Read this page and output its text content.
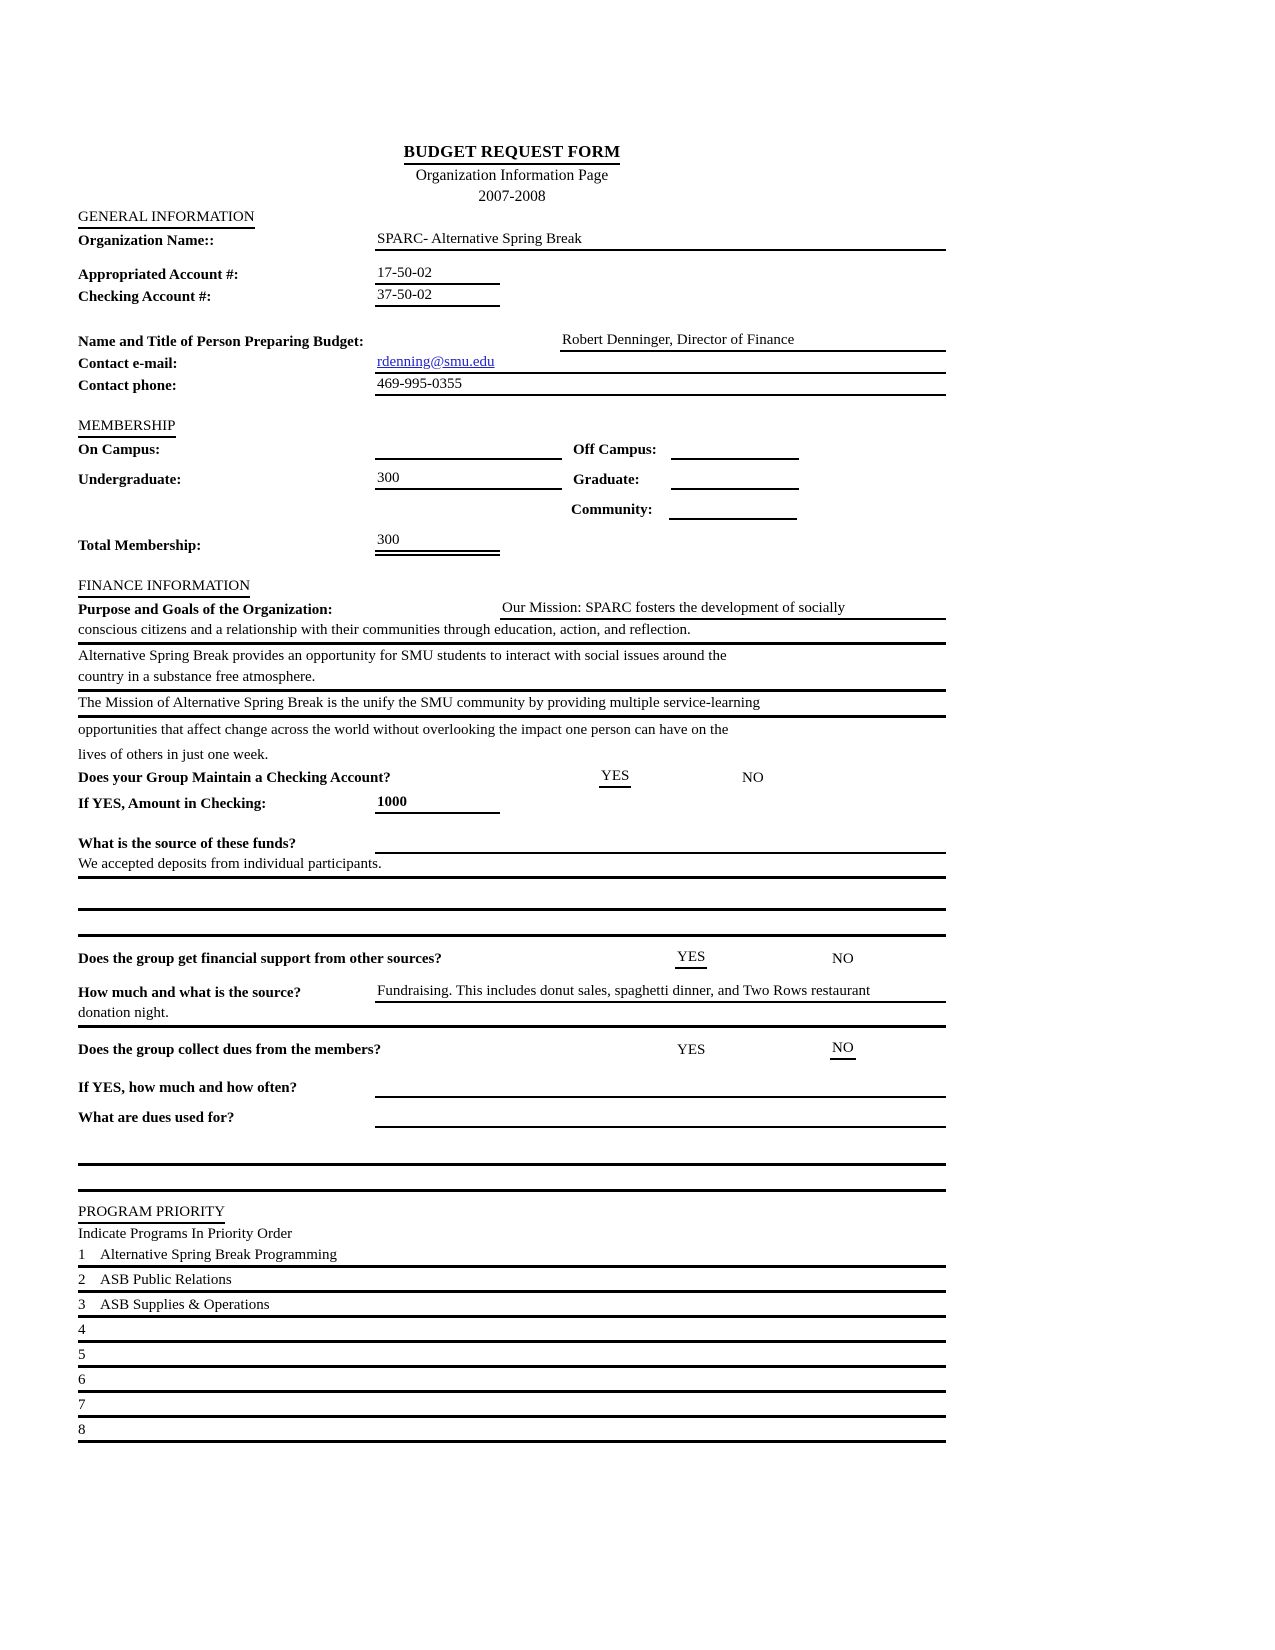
BUDGET REQUEST FORM
Organization Information Page
2007-2008
GENERAL INFORMATION
Organization Name::	SPARC- Alternative Spring Break
Appropriated Account #:	17-50-02
Checking Account #:	37-50-02
Name and Title of Person Preparing Budget:	Robert Denninger, Director of Finance
Contact e-mail:	rdenning@smu.edu
Contact phone:	469-995-0355
MEMBERSHIP
On Campus:	Off Campus:
Undergraduate:	300	Graduate:
Community:
Total Membership:	300
FINANCE INFORMATION
Purpose and Goals of the Organization:	Our Mission: SPARC fosters the development of socially
conscious citizens and a relationship with their communities through education, action, and reflection.
Alternative Spring Break provides an opportunity for SMU students to interact with social issues around the
country in a substance free atmosphere.
The Mission of Alternative Spring Break is the unify the SMU community by providing multiple service-learning
opportunities that affect change across the world without overlooking the impact one person can have on the
lives of others in just one week.
Does your Group Maintain a Checking Account?	YES	NO
If YES, Amount in Checking:	1000
What is the source of these funds?
We accepted deposits from individual participants.
Does the group get financial support from other sources?	YES	NO
How much and what is the source?	Fundraising. This includes donut sales, spaghetti dinner, and Two Rows restaurant
donation night.
Does the group collect dues from the members?	YES	NO
If YES, how much and how often?
What are dues used for?
PROGRAM PRIORITY
Indicate Programs In Priority Order
1 Alternative Spring Break Programming
2 ASB Public Relations
3 ASB Supplies & Operations
4
5
6
7
8
